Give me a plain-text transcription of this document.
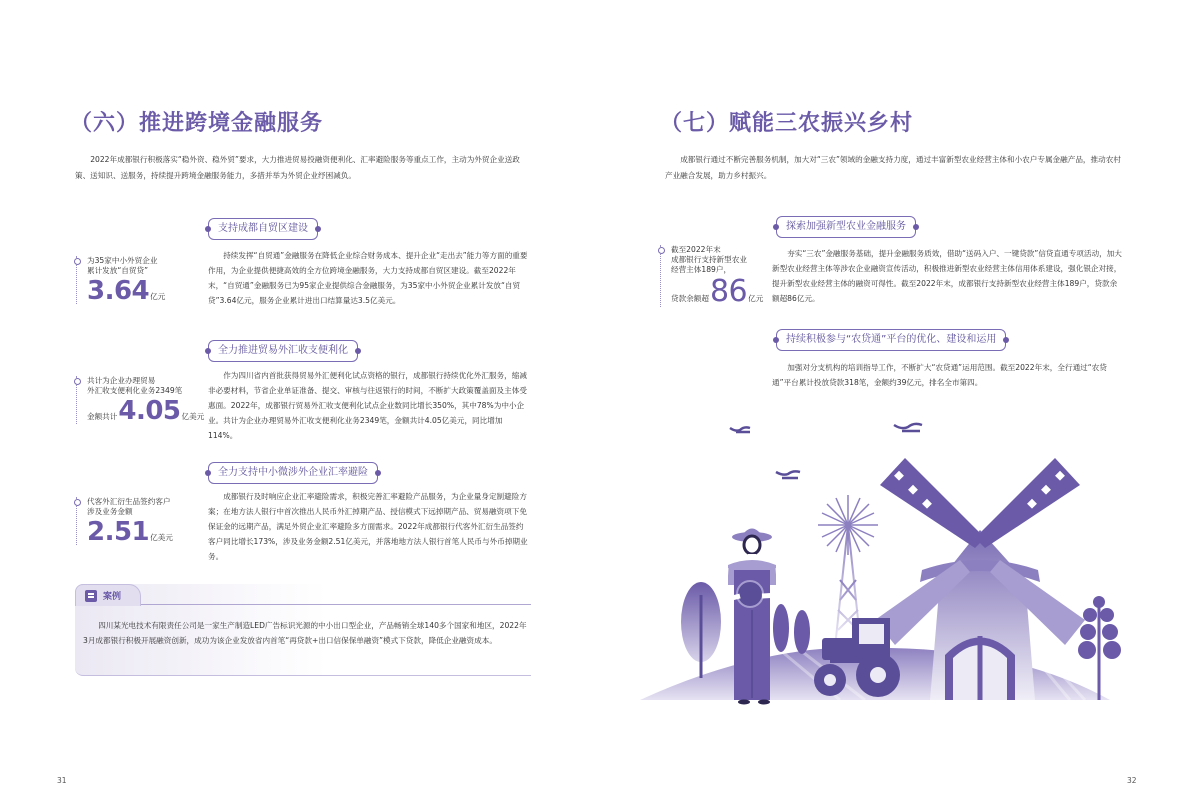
（六）推进跨境金融服务
2022年成都银行积极落实“稳外资、稳外贸”要求，大力推进贸易投融资便利化、汇率避险服务等重点工作，主动为外贸企业送政策、送知识、送服务，持续提升跨境金融服务能力，多措并举为外贸企业纾困减负。
支持成都自贸区建设
为35家中小外贸企业
累计发放“自贸贷”
3.64 亿元
持续发挥“自贸通”金融服务在降低企业综合财务成本、提升企业“走出去”能力等方面的重要作用，为企业提供便捷高效的全方位跨境金融服务，大力支持成都自贸区建设。截至2022年末，“自贸通”金融服务已为95家企业提供综合金融服务，为35家中小外贸企业累计发放“自贸贷”3.64亿元，服务企业累计进出口结算量达3.5亿美元。
全力推进贸易外汇收支便利化
共计为企业办理贸易
外汇收支便利化业务2349笔
金额共计 4.05 亿美元
作为四川省内首批获得贸易外汇便利化试点资格的银行，成都银行持续优化外汇服务，缩减非必要材料，节省企业单证准备、提交、审核与往返银行的时间，不断扩大政策覆盖面及主体受惠面。2022年，成都银行贸易外汇收支便利化试点企业数同比增长350%，其中78%为中小企业。共计为企业办理贸易外汇收支便利化业务2349笔，金额共计4.05亿美元，同比增加114%。
全力支持中小微涉外企业汇率避险
代客外汇衍生品签约客户
涉及业务金额
2.51 亿美元
成都银行及时响应企业汇率避险需求，积极完善汇率避险产品服务，为企业量身定制避险方案；在地方法人银行中首次推出人民币外汇掉期产品、授信模式下远掉期产品、贸易融资项下免保证金的远期产品，满足外贸企业汇率避险多方面需求。2022年成都银行代客外汇衍生品签约客户同比增长173%，涉及业务金额2.51亿美元，并落地地方法人银行首笔人民币与外币掉期业务。
案例
四川某光电技术有限责任公司是一家生产制造LED广告标识光源的中小出口型企业，产品畅销全球140多个国家和地区，2022年3月成都银行积极开展融资创新，成功为该企业发放省内首笔“再贷款+出口信保保单融资”模式下贷款，降低企业融资成本。
31
（七）赋能三农振兴乡村
成都银行通过不断完善服务机制，加大对“三农”领域的金融支持力度，通过丰富新型农业经营主体和小农户专属金融产品，推动农村产业融合发展，助力乡村振兴。
探索加强新型农业金融服务
截至2022年末
成都银行支持新型农业
经营主体189户，
贷款余额超 86 亿元
夯实“三农”金融服务基础，提升金融服务质效，借助“送码入户、一键贷款”信贷直通专项活动，加大新型农业经营主体等涉农企业融资宣传活动，积极推进新型农业经营主体信用体系建设，强化银企对接，提升新型农业经营主体的融资可得性。截至2022年末，成都银行支持新型农业经营主体189户，贷款余额超86亿元。
持续积极参与“农贷通”平台的优化、建设和运用
加强对分支机构的培训指导工作，不断扩大“农贷通”运用范围。截至2022年末，全行通过“农贷通”平台累计投放贷款318笔，金额约39亿元，排名全市第四。
32
